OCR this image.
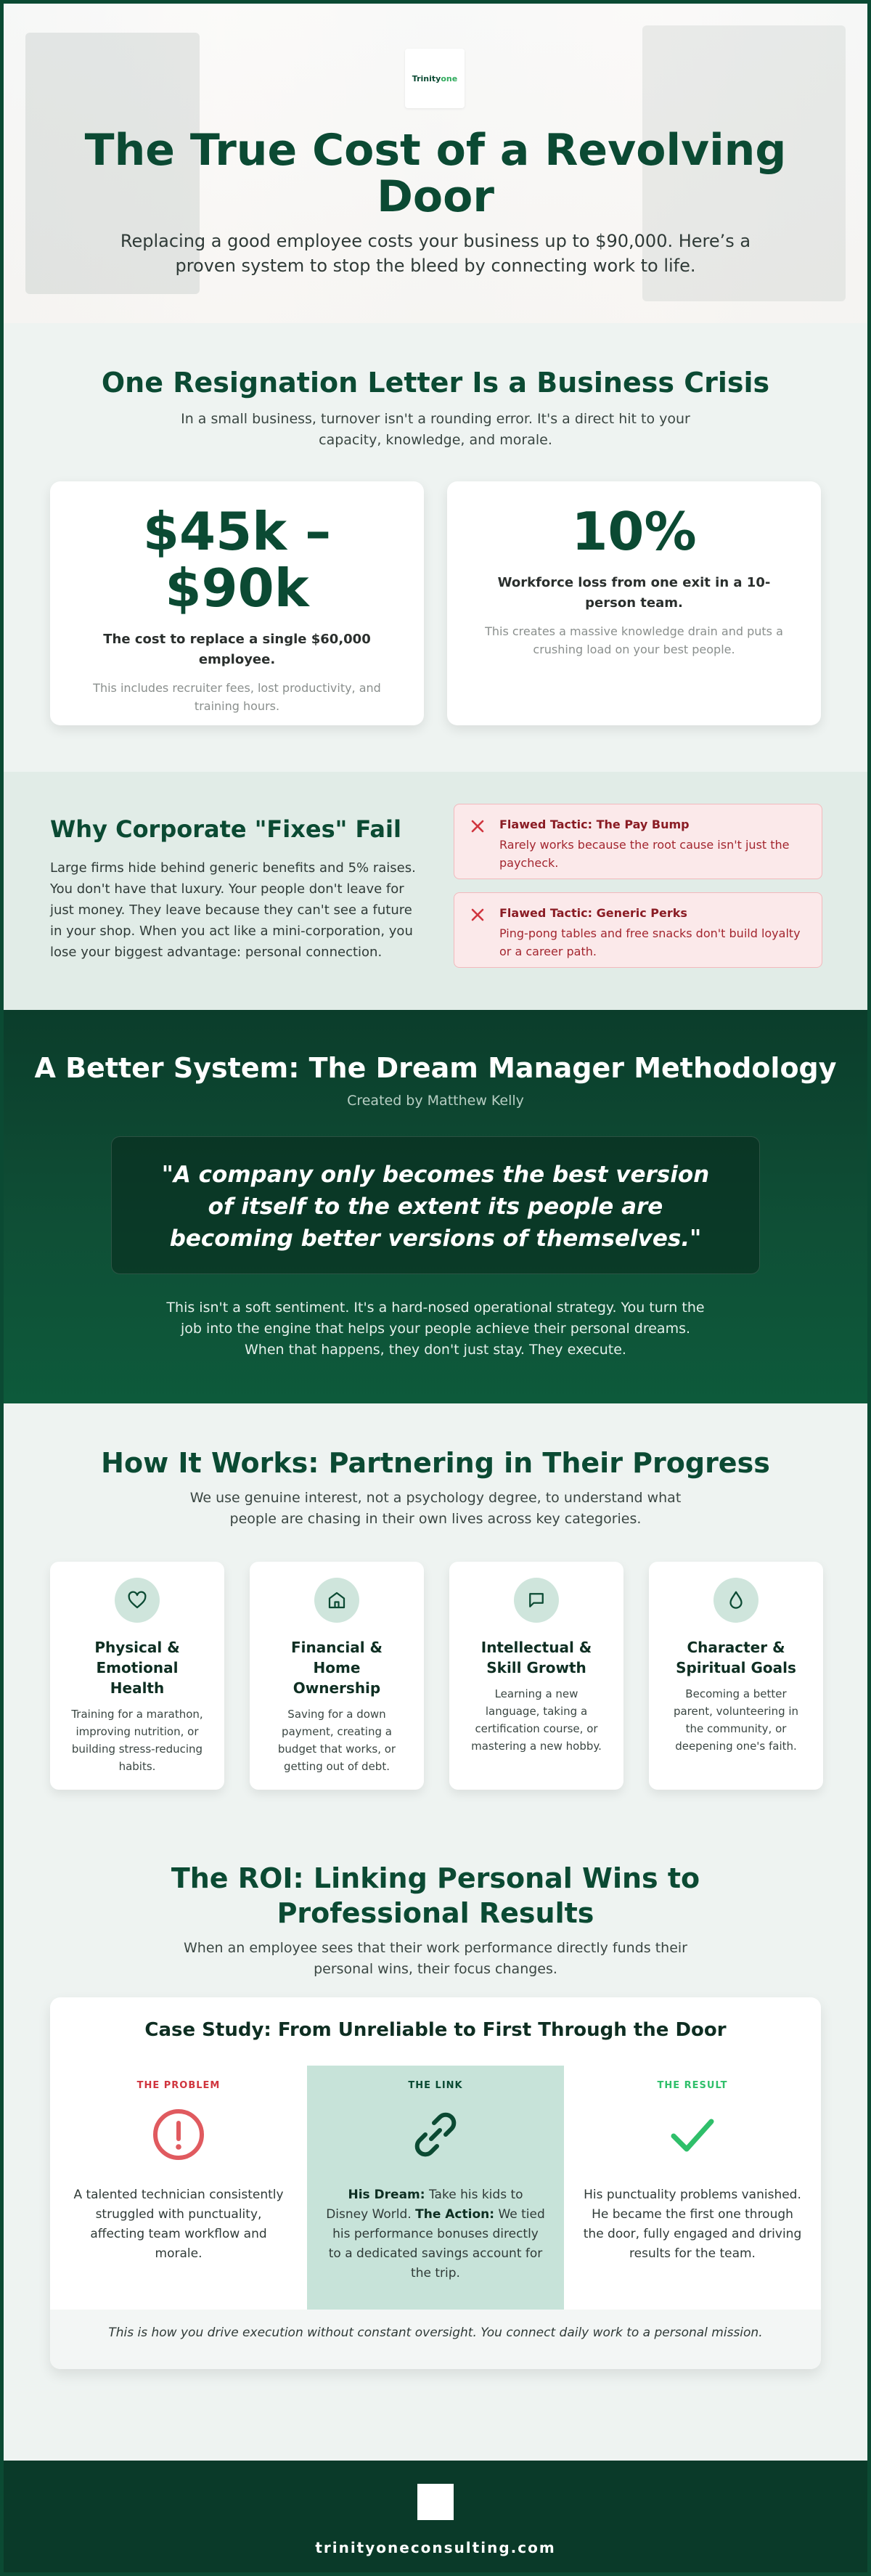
Trinity one
The True Cost of a Revolving Door

Replacing a good employee costs your business up to $90,000. Here’s a proven system to stop the bleed by connecting work to life.

One Resignation Letter Is a Business Crisis

In a small business, turnover isn't a rounding error. It's a direct hit to your capacity, knowledge, and morale.

$45k – $90k
The cost to replace a single $60,000 employee.
This includes recruiter fees, lost productivity, and training hours.
10%
Workforce loss from one exit in a 10-person team.
This creates a massive knowledge drain and puts a crushing load on your best people.
Why Corporate "Fixes" Fail

Large firms hide behind generic benefits and 5% raises. You don't have that luxury. Your people don't leave for just money. They leave because they can't see a future in your shop. When you act like a mini-corporation, you lose your biggest advantage: personal connection.

Flawed Tactic: The Pay Bump
Rarely works because the root cause isn't just the paycheck.
Flawed Tactic: Generic Perks
Ping-pong tables and free snacks don't build loyalty or a career path.
A Better System: The Dream Manager Methodology
Created by Matthew Kelly
"A company only becomes the best version of itself to the extent its people are becoming better versions of themselves."

This isn't a soft sentiment. It's a hard-nosed operational strategy. You turn the job into the engine that helps your people achieve their personal dreams. When that happens, they don't just stay. They execute.

How It Works: Partnering in Their Progress

We use genuine interest, not a psychology degree, to understand what people are chasing in their own lives across key categories.

Physical & Emotional Health
Training for a marathon, improving nutrition, or building stress-reducing habits.
Financial & Home Ownership
Saving for a down payment, creating a budget that works, or getting out of debt.
Intellectual & Skill Growth
Learning a new language, taking a certification course, or mastering a new hobby.
Character & Spiritual Goals
Becoming a better parent, volunteering in the community, or deepening one's faith.
The ROI: Linking Personal Wins to Professional Results

When an employee sees that their work performance directly funds their personal wins, their focus changes.

Case Study: From Unreliable to First Through the Door
THE PROBLEM
A talented technician consistently struggled with punctuality, affecting team workflow and morale.
THE LINK
His Dream: Take his kids to Disney World. The Action: We tied his performance bonuses directly to a dedicated savings account for the trip.
THE RESULT
His punctuality problems vanished. He became the first one through the door, fully engaged and driving results for the team.
This is how you drive execution without constant oversight. You connect daily work to a personal mission.
trinityoneconsulting.com
